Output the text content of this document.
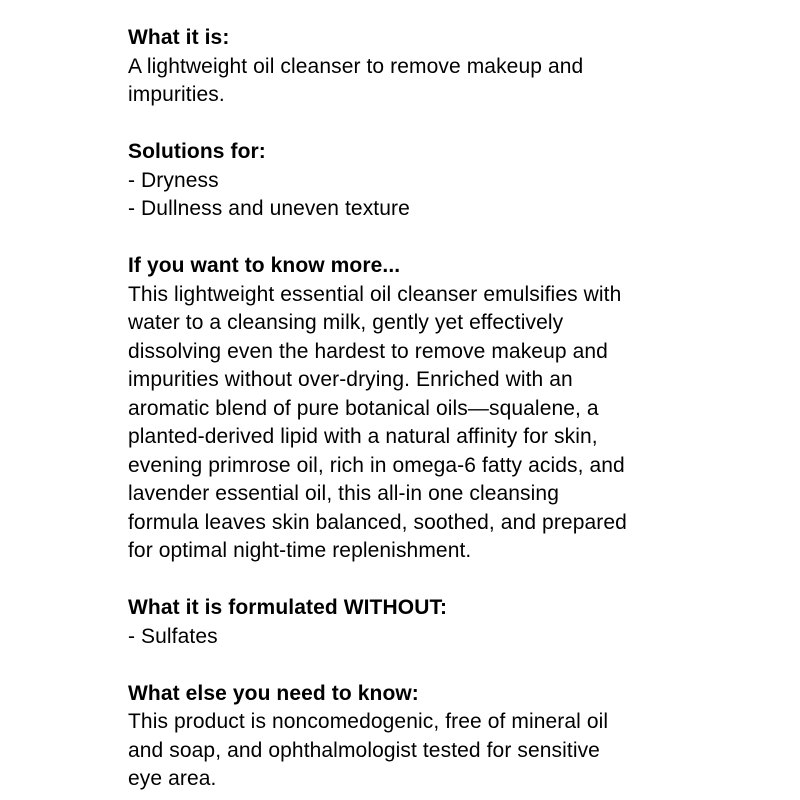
What it is:
A lightweight oil cleanser to remove makeup and
impurities.
Solutions for:
- Dryness
- Dullness and uneven texture
If you want to know more...
This lightweight essential oil cleanser emulsifies with
water to a cleansing milk, gently yet effectively
dissolving even the hardest to remove makeup and
impurities without over-drying. Enriched with an
aromatic blend of pure botanical oils—squalene, a
planted-derived lipid with a natural affinity for skin,
evening primrose oil, rich in omega-6 fatty acids, and
lavender essential oil, this all-in one cleansing
formula leaves skin balanced, soothed, and prepared
for optimal night-time replenishment.
What it is formulated WITHOUT:
- Sulfates
What else you need to know:
This product is noncomedogenic, free of mineral oil
and soap, and ophthalmologist tested for sensitive
eye area.
